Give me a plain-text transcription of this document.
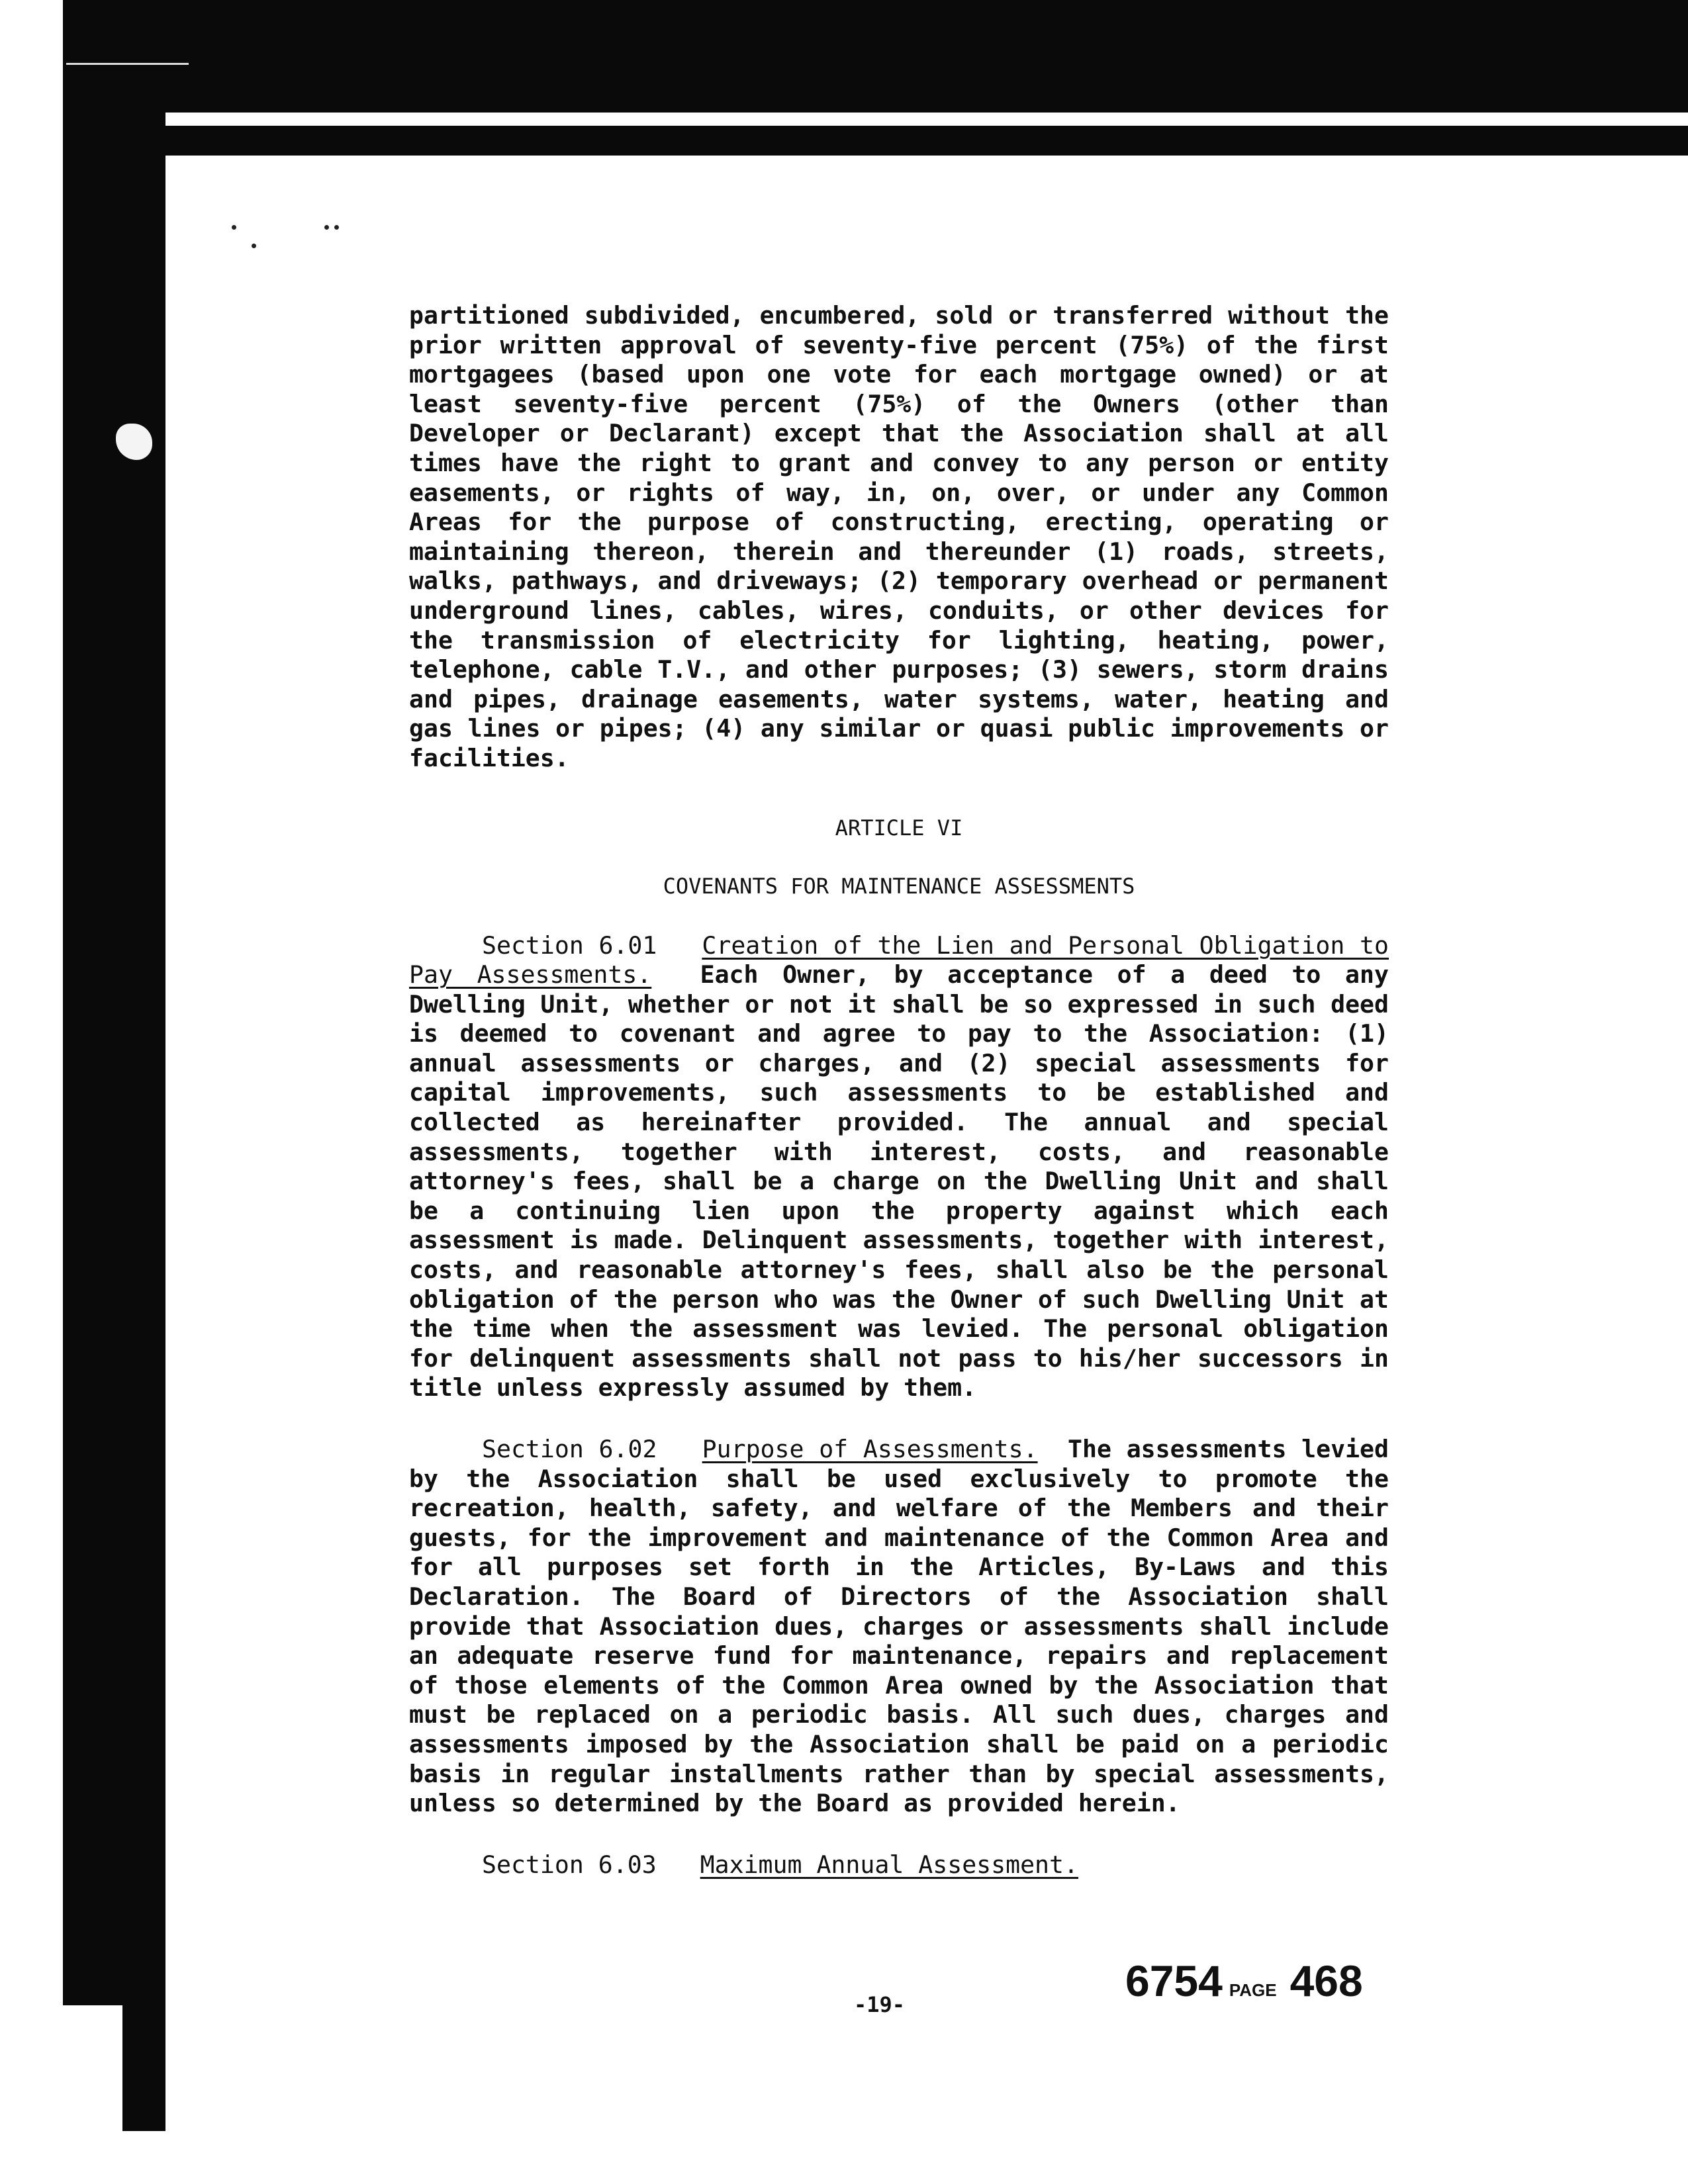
partitioned subdivided, encumbered, sold or transferred without the prior written approval of seventy-five percent (75%) of the first mortgagees (based upon one vote for each mortgage owned) or at least seventy-five percent (75%) of the Owners (other than Developer or Declarant) except that the Association shall at all times have the right to grant and convey to any person or entity easements, or rights of way, in, on, over, or under any Common Areas for the purpose of constructing, erecting, operating or maintaining thereon, therein and thereunder (1) roads, streets, walks, pathways, and driveways; (2) temporary overhead or permanent underground lines, cables, wires, conduits, or other devices for the transmission of electricity for lighting, heating, power, telephone, cable T.V., and other purposes; (3) sewers, storm drains and pipes, drainage easements, water systems, water, heating and gas lines or pipes; (4) any similar or quasi public improvements or facilities.

ARTICLE VI

COVENANTS FOR MAINTENANCE ASSESSMENTS

Section 6.01 Creation of the Lien and Personal Obligation to Pay Assessments. Each Owner, by acceptance of a deed to any Dwelling Unit, whether or not it shall be so expressed in such deed is deemed to covenant and agree to pay to the Association: (1) annual assessments or charges, and (2) special assessments for capital improvements, such assessments to be established and collected as hereinafter provided. The annual and special assessments, together with interest, costs, and reasonable attorney's fees, shall be a charge on the Dwelling Unit and shall be a continuing lien upon the property against which each assessment is made. Delinquent assessments, together with interest, costs, and reasonable attorney's fees, shall also be the personal obligation of the person who was the Owner of such Dwelling Unit at the time when the assessment was levied. The personal obligation for delinquent assessments shall not pass to his/her successors in title unless expressly assumed by them.

Section 6.02 Purpose of Assessments. The assessments levied by the Association shall be used exclusively to promote the recreation, health, safety, and welfare of the Members and their guests, for the improvement and maintenance of the Common Area and for all purposes set forth in the Articles, By-Laws and this Declaration. The Board of Directors of the Association shall provide that Association dues, charges or assessments shall include an adequate reserve fund for maintenance, repairs and replacement of those elements of the Common Area owned by the Association that must be replaced on a periodic basis. All such dues, charges and assessments imposed by the Association shall be paid on a periodic basis in regular installments rather than by special assessments, unless so determined by the Board as provided herein.

Section 6.03 Maximum Annual Assessment.

6754 PAGE 468
-19-
